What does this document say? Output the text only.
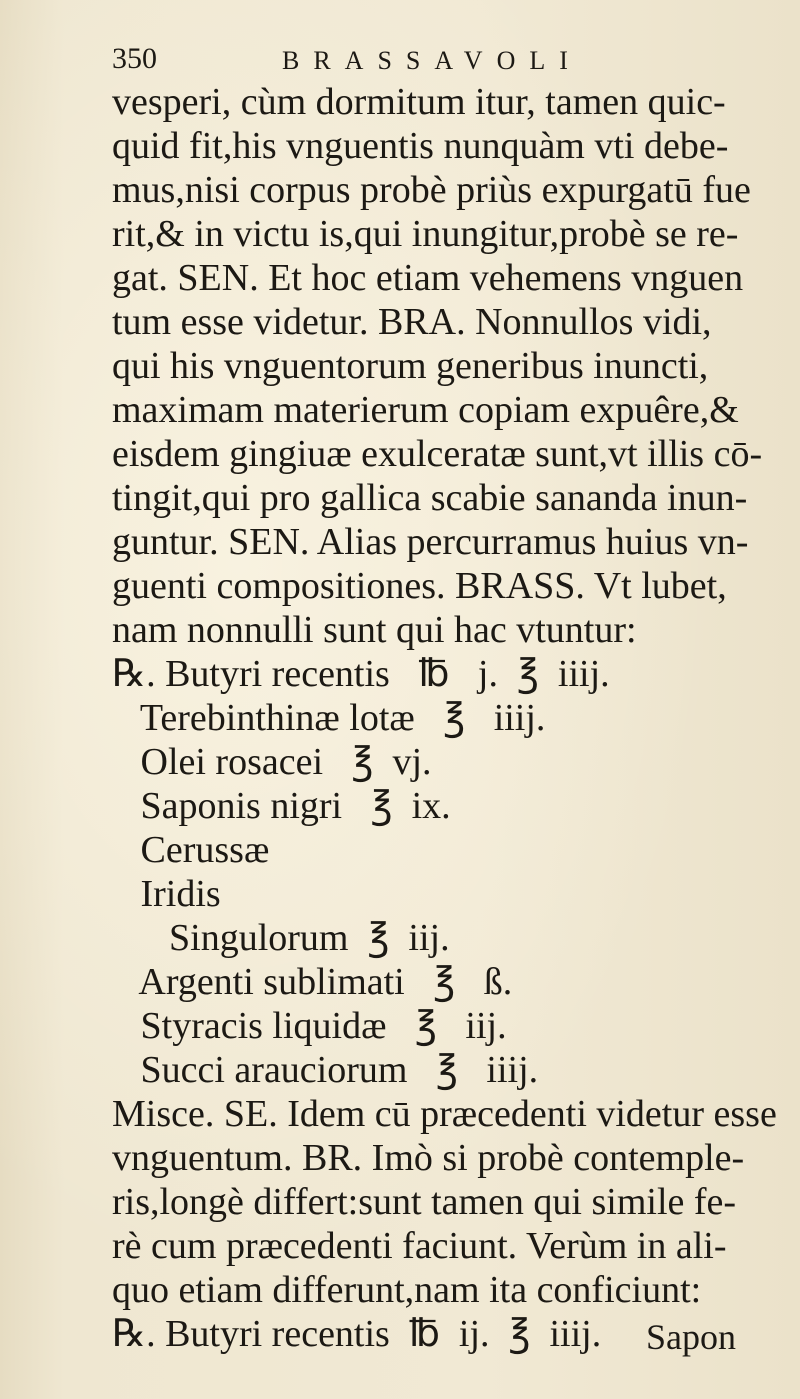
350	BRASSAVOLI
vesperi, cùm dormitum itur, tamen quic-
quid fit,his vnguentis nunquàm vti debe-
mus,nisi corpus probè priùs expurgatū fue
rit,& in victu is,qui inungitur,probè se re-
gat. SEN. Et hoc etiam vehemens vnguen
tum esse videtur. BRA. Nonnullos vidi,
qui his vnguentorum generibus inuncti,
maximam materierum copiam expuêre,&
eisdem gingiuæ exulceratæ sunt,vt illis cō-
tingit,qui pro gallica scabie sananda inun-
guntur. SEN. Alias percurramus huius vn-
guenti compositiones. BRASS. Vt lubet,
nam nonnulli sunt qui hac vtuntur:
℞. Butyri recentis   ℔   j.  ℥  iiij.
Terebinthinæ lotæ   ℥   iiij.
Olei rosacei   ℥  vj.
Saponis nigri   ℥  ix.
Cerussæ
Iridis
Singulorum  ℥  iij.
Argenti sublimati   ℥   ß.
Styracis liquidæ   ℥   iij.
Succi arauciorum   ℥   iiij.
Misce. SE. Idem cū præcedenti videtur esse
vnguentum. BR. Imò si probè contemple-
ris,longè differt:sunt tamen qui simile fe-
rè cum præcedenti faciunt. Verùm in ali-
quo etiam differunt,nam ita conficiunt:
℞. Butyri recentis  ℔  ij.  ℥  iiij. Sapon
